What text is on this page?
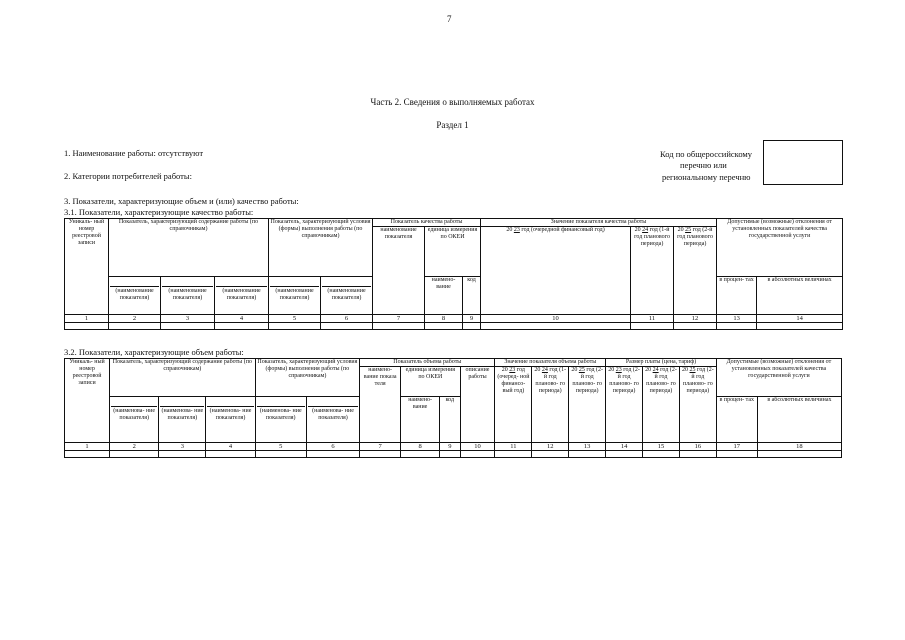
7
Часть 2. Сведения о выполняемых работах
Раздел 1
1. Наименование работы: отсутствуют
2. Категории потребителей работы:
Код по общероссийскому
перечню или
региональному перечню
3. Показатели, характеризующие объем и (или) качество работы:
3.1. Показатели, характеризующие качество работы:
3.2. Показатели, характеризующие объем работы:
Уникаль- ный номер реестровой записи	Показатель, характеризующий содержание работы (по справочникам)			Показатель, характеризующий условия (формы) выполнения работы (по справочникам)		Показатель качества работы			Значение показателя качества работы			Допустимые (возможные) отклонения от установленных показателей качества государственной услуги	
						наименование показателя	единица измерения по ОКЕИ		20 23 год (очередной финансовый год)	20 24 год (1-й год планового периода)	20 25 год (2-й год планового периода)		

	(наименование показателя)	(наименование показателя)	(наименование показателя)	(наименование показателя)	(наименование показателя)		наимено- вание	код				в процен- тах	в абсолютных величинах
1	2	3	4	5	6	7	8	9	10	11	12	13	14

Уникаль- ный номер реестровой записи	Показатель, характеризующий содержание работы (по справочникам)			Показатель, характеризующий условия (формы) выполнения работы (по справочникам)		Показатель объема работы				Значение показателя объема работы			Размер платы (цена, тариф)			Допустимые (возможные) отклонения от установленных показателей качества государственной услуги	
						наимено- вание показа теля	единица измерения по ОКЕИ		описание работы	20 23 год (очеред- ной финансо- вый год)	20 24 год (1-й год планово- го периода)	20 25 год (2-й год планово- го периода)	20 23 год (2-й год планово- го периода)	20 24 год (2-й год планово- го периода)	20 25 год (2-й год планово- го периода)		

	(наименова- ние показателя)	(наименова- ние показателя)	(наименова- ние показателя)	(наименова- ние показателя)	(наименова- ние показателя)		наимено- вание	код								в процен- тах	в абсолютных величинах
1	2	3	4	5	6	7	8	9	10	11	12	13	14	15	16	17	18
